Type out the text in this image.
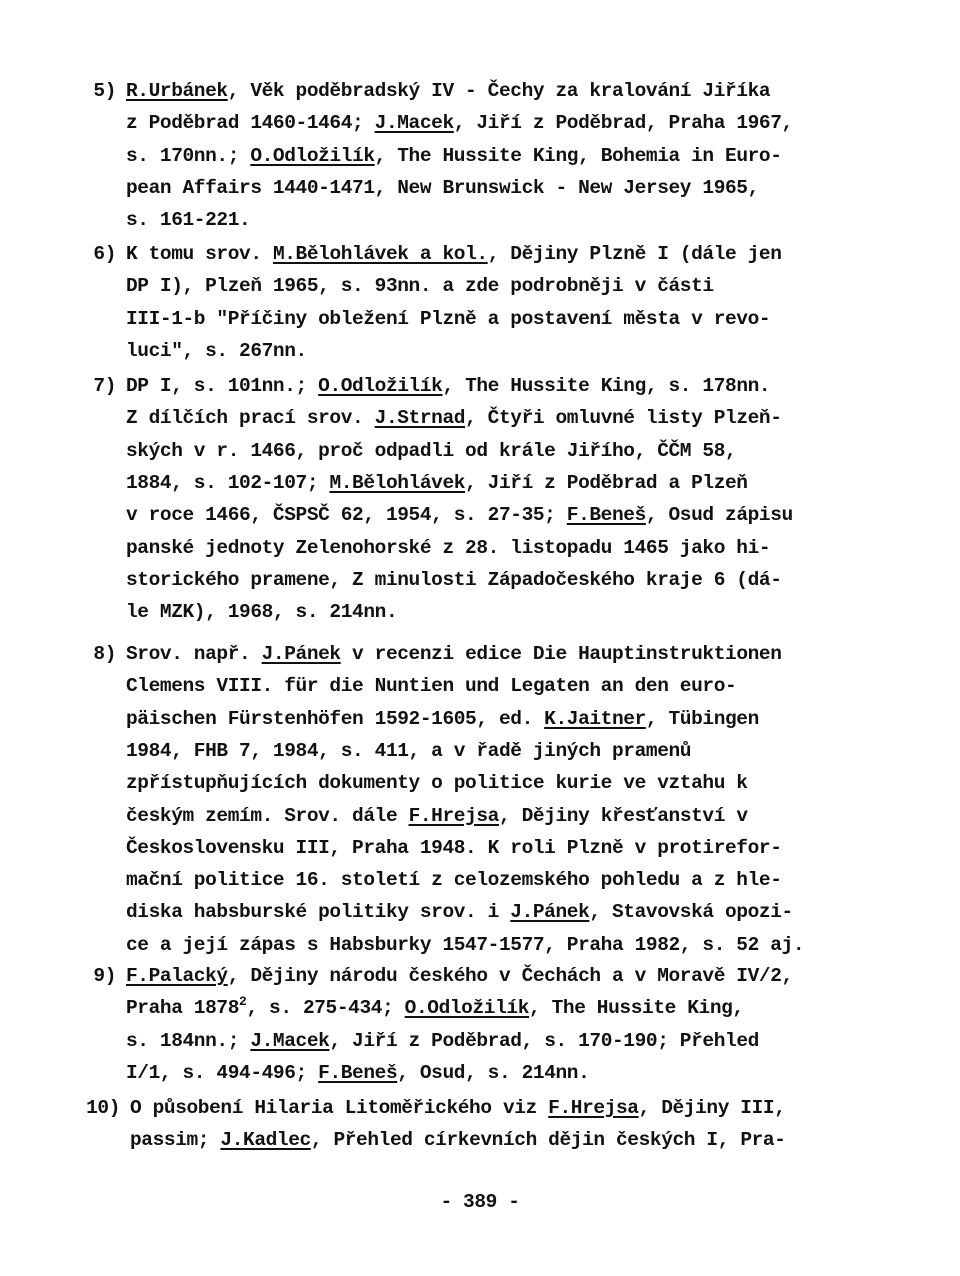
5) R.Urbánek, Věk poděbradský IV - Čechy za kralování Jiříka
z Poděbrad 1460-1464; J.Macek, Jiří z Poděbrad, Praha 1967,
s. 170nn.; O.Odložilík, The Hussite King, Bohemia in Euro-
pean Affairs 1440-1471, New Brunswick - New Jersey 1965,
s. 161-221.
6) K tomu srov. M.Bělohlávek a kol., Dějiny Plzně I (dále jen
DP I), Plzeň 1965, s. 93nn. a zde podrobněji v části
III-1-b "Příčiny obležení Plzně a postavení města v revo-
luci", s. 267nn.
7) DP I, s. 101nn.; O.Odložilík, The Hussite King, s. 178nn.
Z dílčích prací srov. J.Strnad, Čtyři omluvné listy Plzeň-
ských v r. 1466, proč odpadli od krále Jiřího, ČČM 58,
1884, s. 102-107; M.Bělohlávek, Jiří z Poděbrad a Plzeň
v roce 1466, ČSPSČ 62, 1954, s. 27-35; F.Beneš, Osud zápisu
panské jednoty Zelenohorské z 28. listopadu 1465 jako hi-
storického pramene, Z minulosti Západočeského kraje 6 (dá-
le MZK), 1968, s. 214nn.
8) Srov. např. J.Pánek v recenzi edice Die Hauptinstruktionen
Clemens VIII. für die Nuntien und Legaten an den euro-
päischen Fürstenhöfen 1592-1605, ed. K.Jaitner, Tübingen
1984, FHB 7, 1984, s. 411, a v řadě jiných pramenů
zpřístupňujících dokumenty o politice kurie ve vztahu k
českým zemím. Srov. dále F.Hrejsa, Dějiny křesťanství v
Československu III, Praha 1948. K roli Plzně v protirefor-
mační politice 16. století z celozemského pohledu a z hle-
diska habsburské politiky srov. i J.Pánek, Stavovská opozi-
ce a její zápas s Habsburky 1547-1577, Praha 1982, s. 52 aj.
9) F.Palacký, Dějiny národu českého v Čechách a v Moravě IV/2,
Praha 1878$^2$, s. 275-434; O.Odložilík, The Hussite King,
s. 184nn.; J.Macek, Jiří z Poděbrad, s. 170-190; Přehled
I/1, s. 494-496; F.Beneš, Osud, s. 214nn.
10) O působení Hilaria Litoměřického viz F.Hrejsa, Dějiny III,
passim; J.Kadlec, Přehled církevních dějin českých I, Pra-
- 389 -
